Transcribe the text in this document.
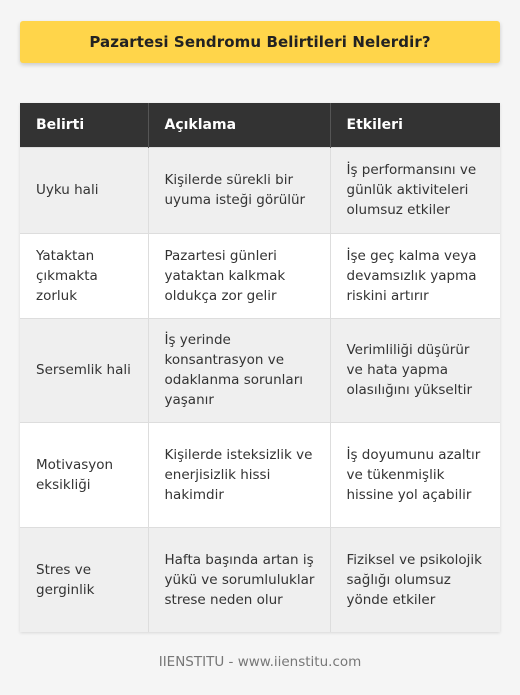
Pazartesi Sendromu Belirtileri Nelerdir?
Belirti	Açıklama	Etkileri
Uyku hali	Kişilerde sürekli bir uyuma isteği görülür	İş performansını ve günlük aktiviteleri olumsuz etkiler
Yataktan çıkmakta zorluk	Pazartesi günleri yataktan kalkmak oldukça zor gelir	İşe geç kalma veya devamsızlık yapma riskini artırır
Sersemlik hali	İş yerinde konsantrasyon ve odaklanma sorunları yaşanır	Verimliliği düşürür ve hata yapma olasılığını yükseltir
Motivasyon eksikliği	Kişilerde isteksizlik ve enerjisizlik hissi hakimdir	İş doyumunu azaltır ve tükenmişlik hissine yol açabilir
Stres ve gerginlik	Hafta başında artan iş yükü ve sorumluluklar strese neden olur	Fiziksel ve psikolojik sağlığı olumsuz yönde etkiler
IIENSTITU - www.iienstitu.com
